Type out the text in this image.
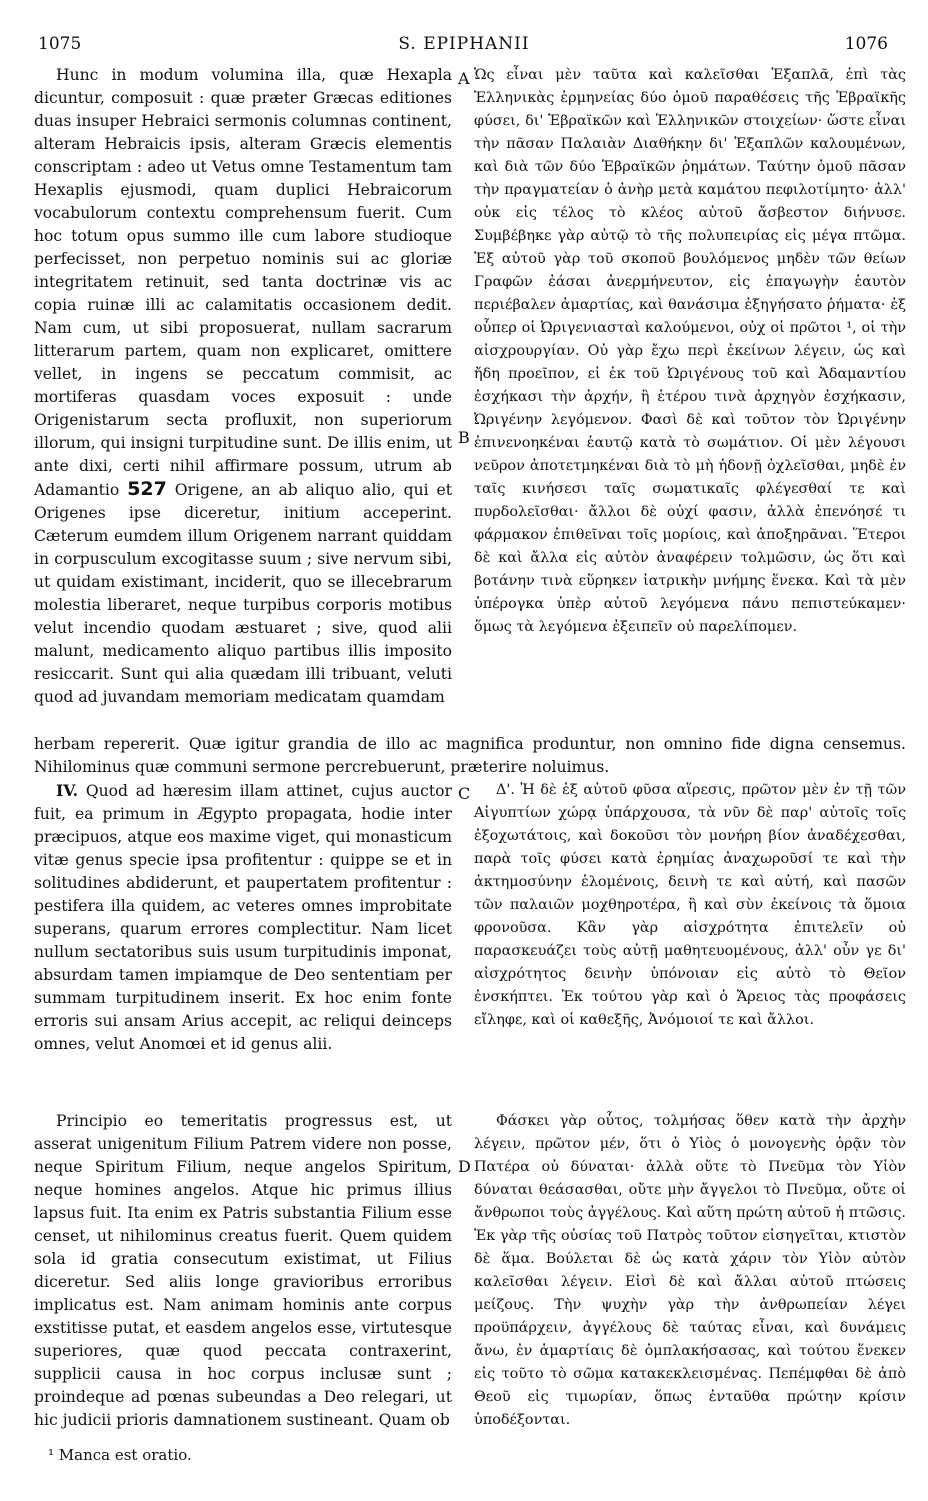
1075	S. EPIPHANII	1076
A
B
C
D

Hunc in modum volumina illa, quæ Hexapla dicuntur, composuit : quæ præter Græcas editiones duas insuper Hebraici sermonis columnas continent, alteram Hebraicis ipsis, alteram Græcis elementis conscriptam : adeo ut Vetus omne Testamentum tam Hexaplis ejusmodi, quam duplici Hebraicorum vocabulorum contextu comprehensum fuerit. Cum hoc totum opus summo ille cum labore studioque perfecisset, non perpetuo nominis sui ac gloriæ integritatem retinuit, sed tanta doctrinæ vis ac copia ruinæ illi ac calamitatis occasionem dedit. Nam cum, ut sibi proposuerat, nullam sacrarum litterarum partem, quam non explicaret, omittere vellet, in ingens se peccatum commisit, ac mortiferas quasdam voces exposuit : unde Origenistarum secta profluxit, non superiorum illorum, qui insigni turpitudine sunt. De illis enim, ut ante dixi, certi nihil affirmare possum, utrum ab Adamantio 527 Origene, an ab aliquo alio, qui et Origenes ipse diceretur, initium acceperint. Cæterum eumdem illum Origenem narrant quiddam in corpusculum excogitasse suum ; sive nervum sibi, ut quidam existimant, inciderit, quo se illecebrarum molestia liberaret, neque turpibus corporis motibus velut incendio quodam æstuaret ; sive, quod alii malunt, medicamento aliquo partibus illis imposito resiccarit. Sunt qui alia quædam illi tribuant, veluti quod ad juvandam memoriam medicatam quamdam

Ὡς εἶναι μὲν ταῦτα καὶ καλεῖσθαι Ἑξαπλᾶ, ἐπὶ τὰς Ἑλληνικὰς ἑρμηνείας δύο ὁμοῦ παραθέσεις τῆς Ἑβραϊκῆς φύσει, δι' Ἑβραϊκῶν καὶ Ἑλληνικῶν στοιχείων· ὥστε εἶναι τὴν πᾶσαν Παλαιὰν Διαθήκην δι' Ἑξαπλῶν καλουμένων, καὶ διὰ τῶν δύο Ἑβραϊκῶν ῥημάτων. Ταύτην ὁμοῦ πᾶσαν τὴν πραγματείαν ὁ ἀνὴρ μετὰ καμάτου πεφιλοτίμητο· ἀλλ' οὐκ εἰς τέλος τὸ κλέος αὐτοῦ ἄσβεστον διήνυσε. Συμβέβηκε γὰρ αὐτῷ τὸ τῆς πολυπειρίας εἰς μέγα πτῶμα. Ἐξ αὐτοῦ γὰρ τοῦ σκοποῦ βουλόμενος μηδὲν τῶν θείων Γραφῶν ἐάσαι ἀνερμήνευτον, εἰς ἐπαγωγὴν ἑαυτὸν περιέβαλεν ἁμαρτίας, καὶ θανάσιμα ἐξηγήσατο ῥήματα· ἐξ οὗπερ οἱ Ὠριγενιασταὶ καλούμενοι, οὐχ οἱ πρῶτοι ¹, οἱ τὴν αἰσχρουργίαν. Οὐ γὰρ ἔχω περὶ ἐκείνων λέγειν, ὡς καὶ ἤδη προεῖπον, εἰ ἐκ τοῦ Ὠριγένους τοῦ καὶ Ἀδαμαντίου ἐσχήκασι τὴν ἀρχήν, ἢ ἑτέρου τινὰ ἀρχηγὸν ἐσχήκασιν, Ὠριγένην λεγόμενον. Φασὶ δὲ καὶ τοῦτον τὸν Ὠριγένην ἐπινενοηκέναι ἑαυτῷ κατὰ τὸ σωμάτιον. Οἱ μὲν λέγουσι νεῦρον ἀποτετμηκέναι διὰ τὸ μὴ ἡδονῇ ὀχλεῖσθαι, μηδὲ ἐν ταῖς κινήσεσι ταῖς σωματικαῖς φλέγεσθαί τε καὶ πυρδολεῖσθαι· ἄλλοι δὲ οὐχί φασιν, ἀλλὰ ἐπενόησέ τι φάρμακον ἐπιθεῖναι τοῖς μορίοις, καὶ ἀποξηρᾶναι. Ἕτεροι δὲ καὶ ἄλλα εἰς αὐτὸν ἀναφέρειν τολμῶσιν, ὡς ὅτι καὶ βοτάνην τινὰ εὕρηκεν ἰατρικὴν μνήμης ἕνεκα. Καὶ τὰ μὲν ὑπέρογκα ὑπὲρ αὐτοῦ λεγόμενα πάνυ πεπιστεύκαμεν· ὅμως τὰ λεγόμενα ἐξειπεῖν οὐ παρελίπομεν.

herbam repererit. Quæ igitur grandia de illo ac magnifica produntur, non omnino fide digna censemus. Nihilominus quæ communi sermone percrebuerunt, præterire noluimus.

IV. Quod ad hæresim illam attinet, cujus auctor fuit, ea primum in Ægypto propagata, hodie inter præcipuos, atque eos maxime viget, qui monasticum vitæ genus specie ipsa profitentur : quippe se et in solitudines abdiderunt, et paupertatem profitentur : pestifera illa quidem, ac veteres omnes improbitate superans, quarum errores complectitur. Nam licet nullum sectatoribus suis usum turpitudinis imponat, absurdam tamen impiamque de Deo sententiam per summam turpitudinem inserit. Ex hoc enim fonte erroris sui ansam Arius accepit, ac reliqui deinceps omnes, velut Anomœi et id genus alii.

Δ'. Ἡ δὲ ἐξ αὐτοῦ φῦσα αἵρεσις, πρῶτον μὲν ἐν τῇ τῶν Αἰγυπτίων χώρᾳ ὑπάρχουσα, τὰ νῦν δὲ παρ' αὐτοῖς τοῖς ἐξοχωτάτοις, καὶ δοκοῦσι τὸν μονήρη βίον ἀναδέχεσθαι, παρὰ τοῖς φύσει κατὰ ἐρημίας ἀναχωροῦσί τε καὶ τὴν ἀκτημοσύνην ἑλομένοις, δεινὴ τε καὶ αὐτή, καὶ πασῶν τῶν παλαιῶν μοχθηροτέρα, ἢ καὶ σὺν ἐκείνοις τὰ ὅμοια φρονοῦσα. Κἂν γὰρ αἰσχρότητα ἐπιτελεῖν οὐ παρασκευάζει τοὺς αὐτῇ μαθητευομένους, ἀλλ' οὖν γε δι' αἰσχρότητος δεινὴν ὑπόνοιαν εἰς αὐτὸ τὸ Θεῖον ἐνσκήπτει. Ἐκ τούτου γὰρ καὶ ὁ Ἄρειος τὰς προφάσεις εἴληφε, καὶ οἱ καθεξῆς, Ἀνόμοιοί τε καὶ ἄλλοι.

Principio eo temeritatis progressus est, ut asserat unigenitum Filium Patrem videre non posse, neque Spiritum Filium, neque angelos Spiritum, neque homines angelos. Atque hic primus illius lapsus fuit. Ita enim ex Patris substantia Filium esse censet, ut nihilominus creatus fuerit. Quem quidem solа id gratia consecutum existimat, ut Filius diceretur. Sed aliis longe gravioribus erroribus implicatus est. Nam animam hominis ante corpus exstitisse putat, et easdem angelos esse, virtutesque superiores, quæ quod peccata contraxerint, supplicii causa in hoc corpus inclusæ sunt ; proindeque ad pœnas subeundas a Deo relegari, ut hic judicii prioris damnationem sustineant. Quam ob

Φάσκει γὰρ οὗτος, τολμήσας ὅθεν κατὰ τὴν ἀρχὴν λέγειν, πρῶτον μέν, ὅτι ὁ Υἱὸς ὁ μονογενὴς ὁρᾷν τὸν Πατέρα οὐ δύναται· ἀλλὰ οὔτε τὸ Πνεῦμα τὸν Υἱὸν δύναται θεάσασθαι, οὔτε μὴν ἄγγελοι τὸ Πνεῦμα, οὔτε οἱ ἄνθρωποι τοὺς ἀγγέλους. Καὶ αὕτη πρώτη αὐτοῦ ἡ πτῶσις. Ἐκ γὰρ τῆς οὐσίας τοῦ Πατρὸς τοῦτον εἰσηγεῖται, κτιστὸν δὲ ἅμα. Βούλεται δὲ ὡς κατὰ χάριν τὸν Υἱὸν αὐτὸν καλεῖσθαι λέγειν. Εἰσὶ δὲ καὶ ἄλλαι αὐτοῦ πτώσεις μείζους. Τὴν ψυχὴν γὰρ τὴν ἀνθρωπείαν λέγει προϋπάρχειν, ἀγγέλους δὲ ταύτας εἶναι, καὶ δυνάμεις ἄνω, ἐν ἁμαρτίαις δὲ ὀμπλακήσασας, καὶ τούτου ἕνεκεν εἰς τοῦτο τὸ σῶμα κατακεκλεισμένας. Πεπέμφθαι δὲ ἀπὸ Θεοῦ εἰς τιμωρίαν, ὅπως ἐνταῦθα πρώτην κρίσιν ὑποδέξονται.

¹ Manca est oratio.
